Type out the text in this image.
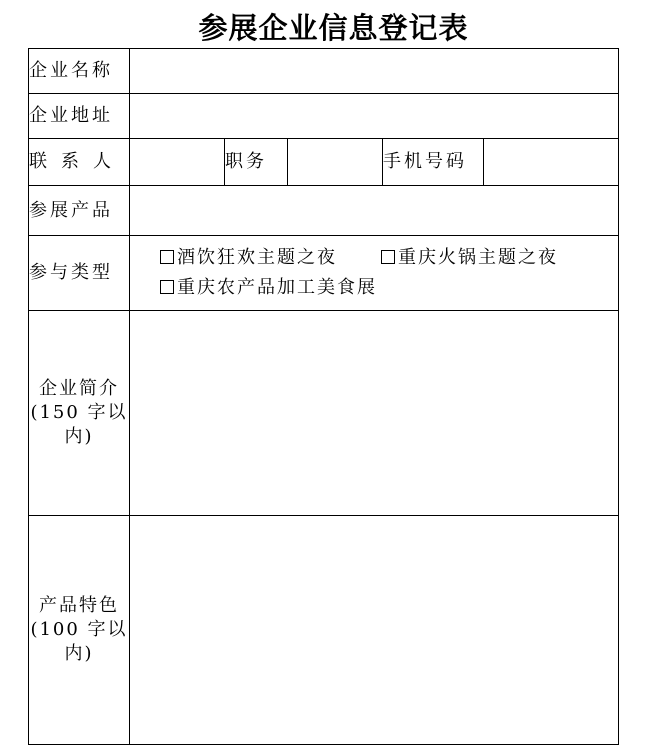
参展企业信息登记表
企业名称					
企业地址					
联系人		职务		手机号码	
参展产品					
参与类型	酒饮狂欢主题之夜 重庆火锅主题之夜
重庆农产品加工美食展				

企业简介
(150 字以
内)					

产品特色
(100 字以
内)					
